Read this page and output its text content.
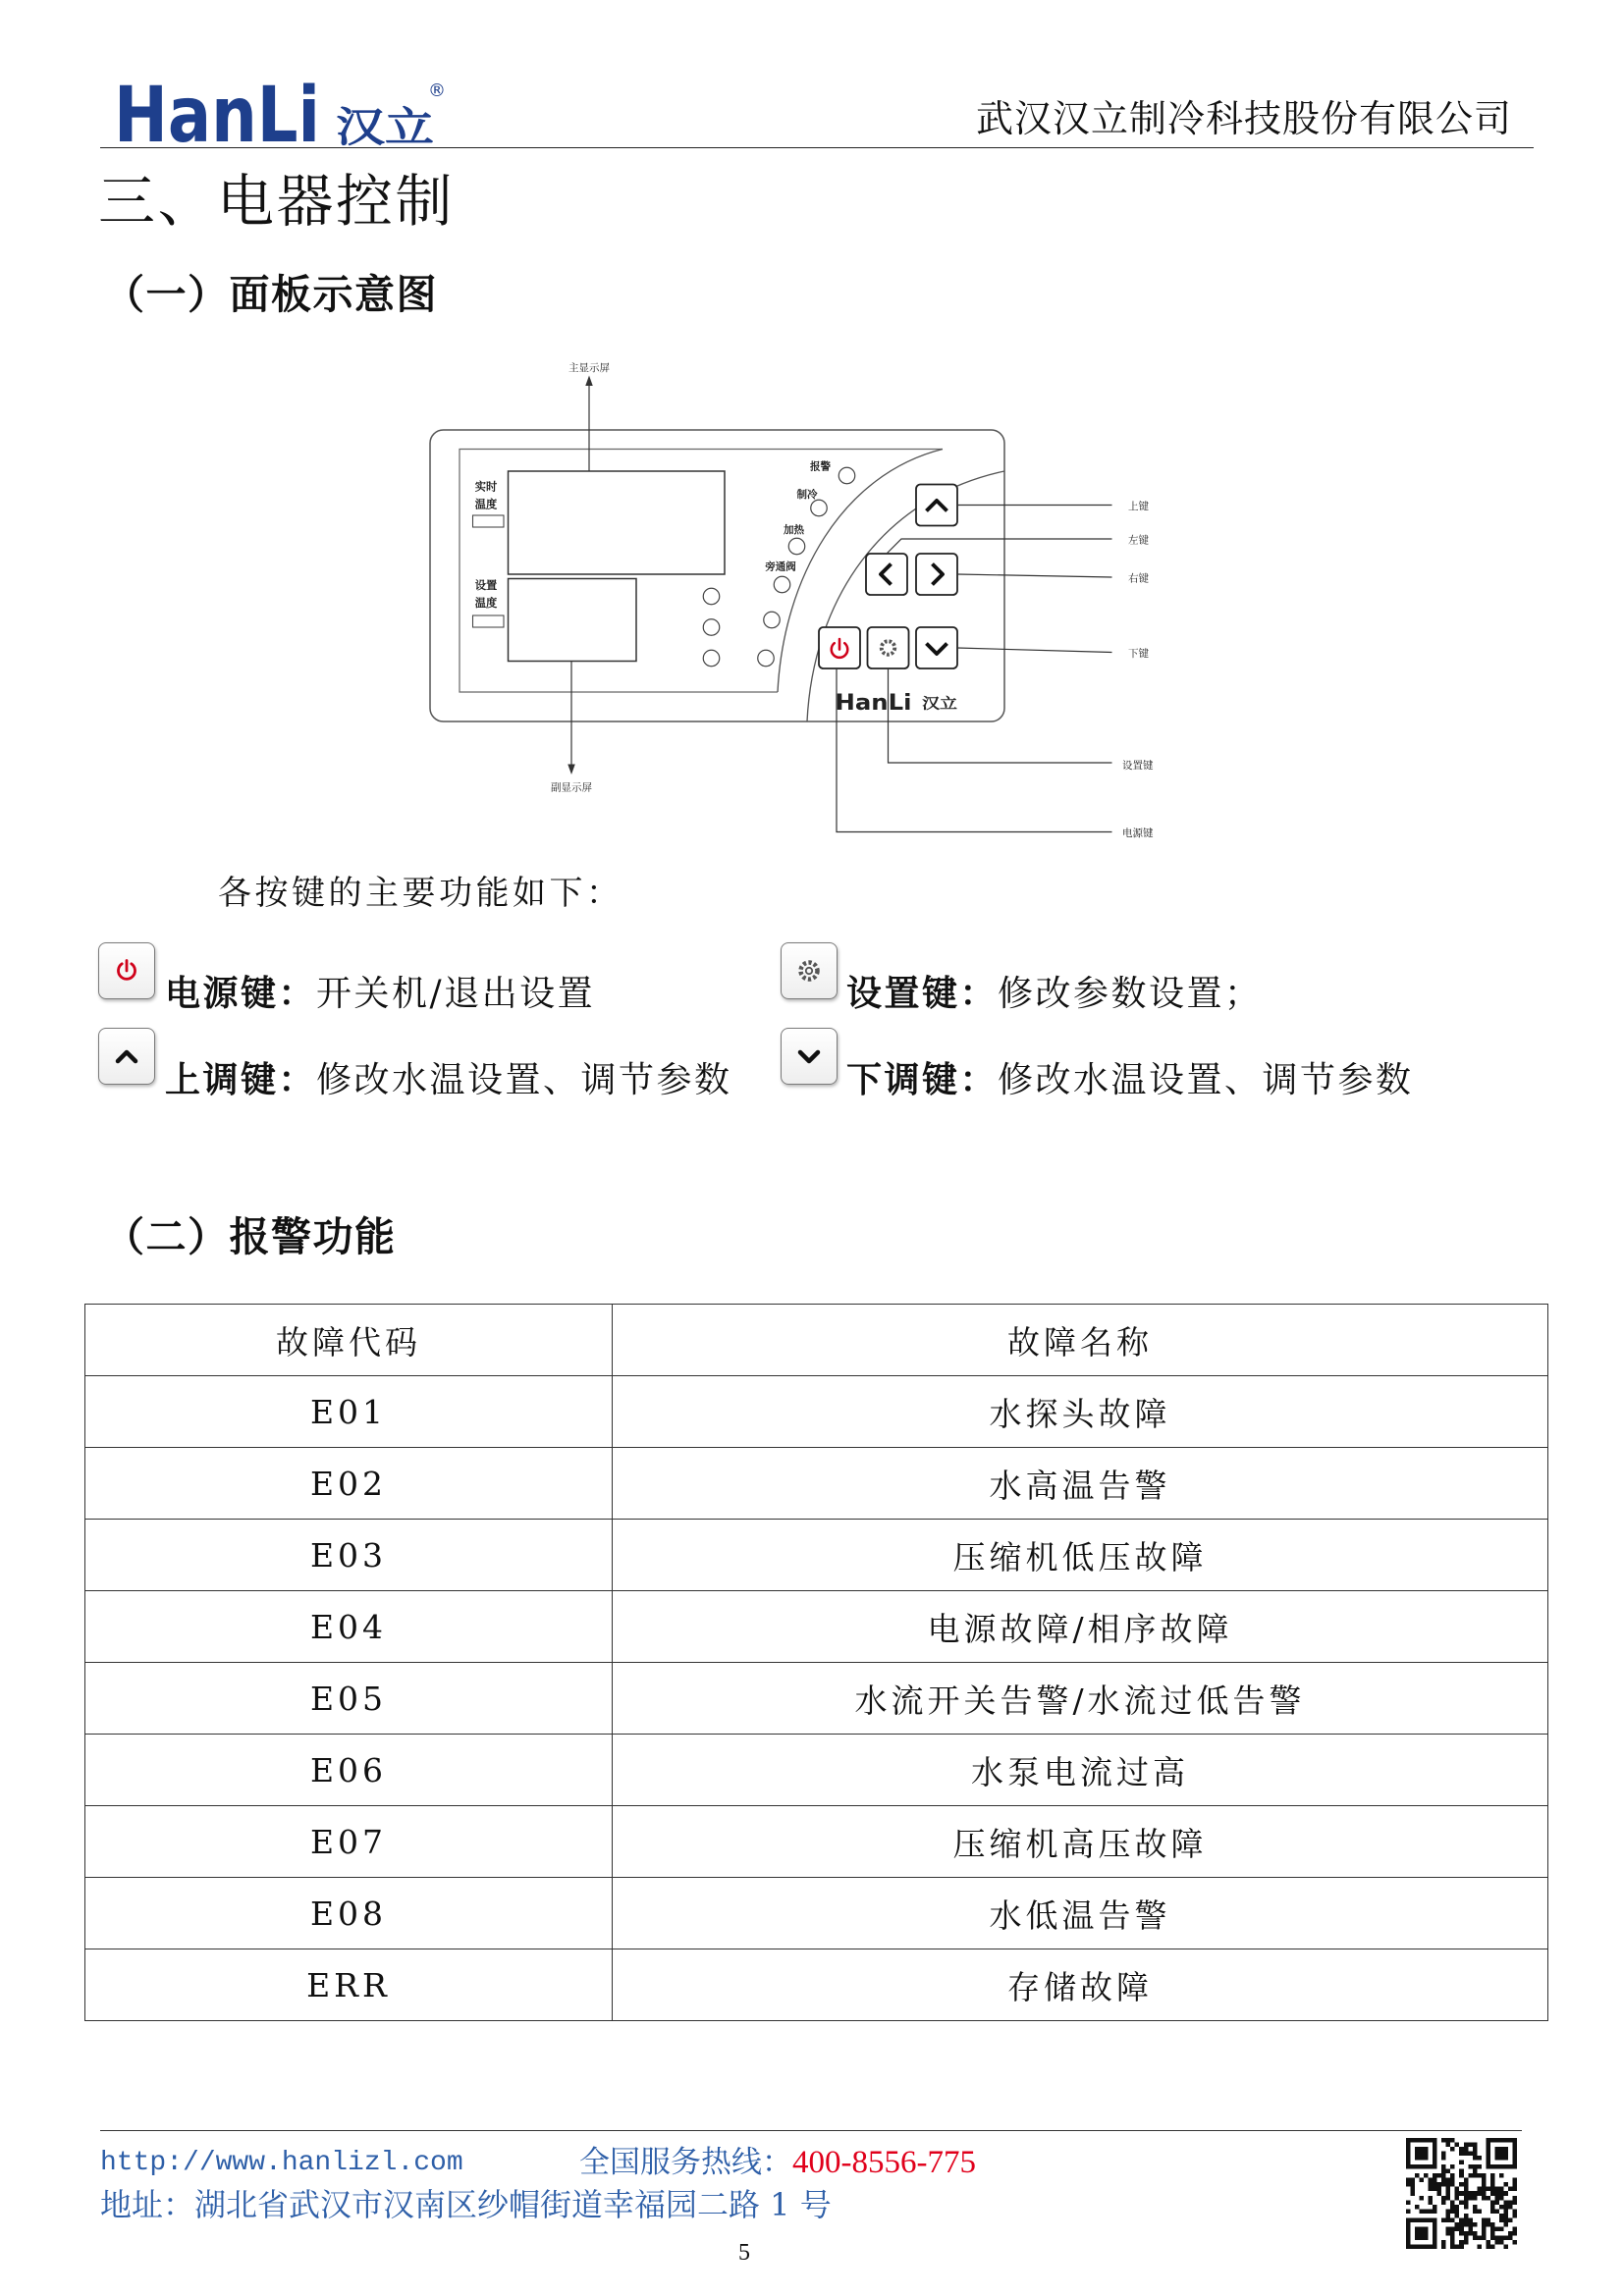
HanLi 汉立
®
武汉汉立制冷科技股份有限公司
三、电器控制
（一）面板示意图
实时
温度
设置
温度
报警
制冷
加热
旁通阀
HanLi 汉立
主显示屏
副显示屏
上键
左键
右键
下键
设置键
电源键
各按键的主要功能如下：
电源键：开关机/退出设置	设置键：修改参数设置；
上调键：修改水温设置、调节参数	下调键：修改水温设置、调节参数
（二）报警功能
故障代码	故障名称
E01	水探头故障
E02	水高温告警
E03	压缩机低压故障
E04	电源故障/相序故障
E05	水流开关告警/水流过低告警
E06	水泵电流过高
E07	压缩机高压故障
E08	水低温告警
ERR	存储故障
http://www.hanlizl.com	全国服务热线：400-8556-775
地址：湖北省武汉市汉南区纱帽街道幸福园二路 1 号
5
